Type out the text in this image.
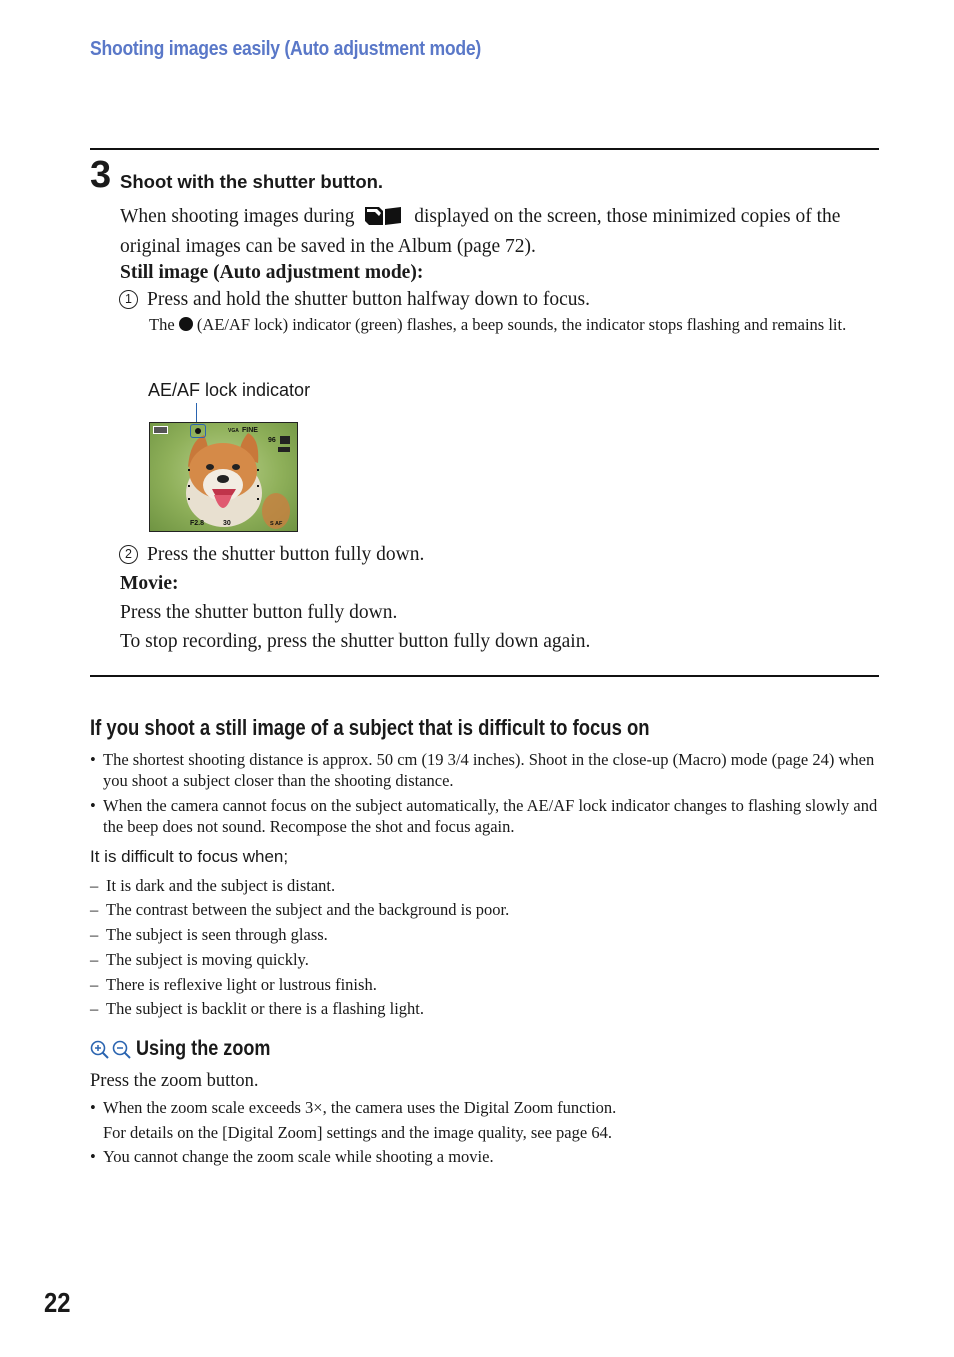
Shooting images easily (Auto adjustment mode)
3 Shoot with the shutter button.
When shooting images during	displayed on the screen, those minimized copies of the original images can be saved in the Album (page 72).
Still image (Auto adjustment mode):
1 Press and hold the shutter button halfway down to focus.
The (AE/AF lock) indicator (green) flashes, a beep sounds, the indicator stops flashing and remains lit.
AE/AF lock indicator
VGA FINE
96
F2.8	30	S AF
2 Press the shutter button fully down.
Movie:
Press the shutter button fully down.
To stop recording, press the shutter button fully down again.
If you shoot a still image of a subject that is difficult to focus on
• The shortest shooting distance is approx. 50 cm (19 3/4 inches). Shoot in the close-up (Macro) mode (page 24) when you shoot a subject closer than the shooting distance.
• When the camera cannot focus on the subject automatically, the AE/AF lock indicator changes to flashing slowly and the beep does not sound. Recompose the shot and focus again.
It is difficult to focus when;
– It is dark and the subject is distant.
– The contrast between the subject and the background is poor.
– The subject is seen through glass.
– The subject is moving quickly.
– There is reflexive light or lustrous finish.
– The subject is backlit or there is a flashing light.
Using the zoom
Press the zoom button.
• When the zoom scale exceeds 3×, the camera uses the Digital Zoom function.
For details on the [Digital Zoom] settings and the image quality, see page 64.
• You cannot change the zoom scale while shooting a movie.
22
